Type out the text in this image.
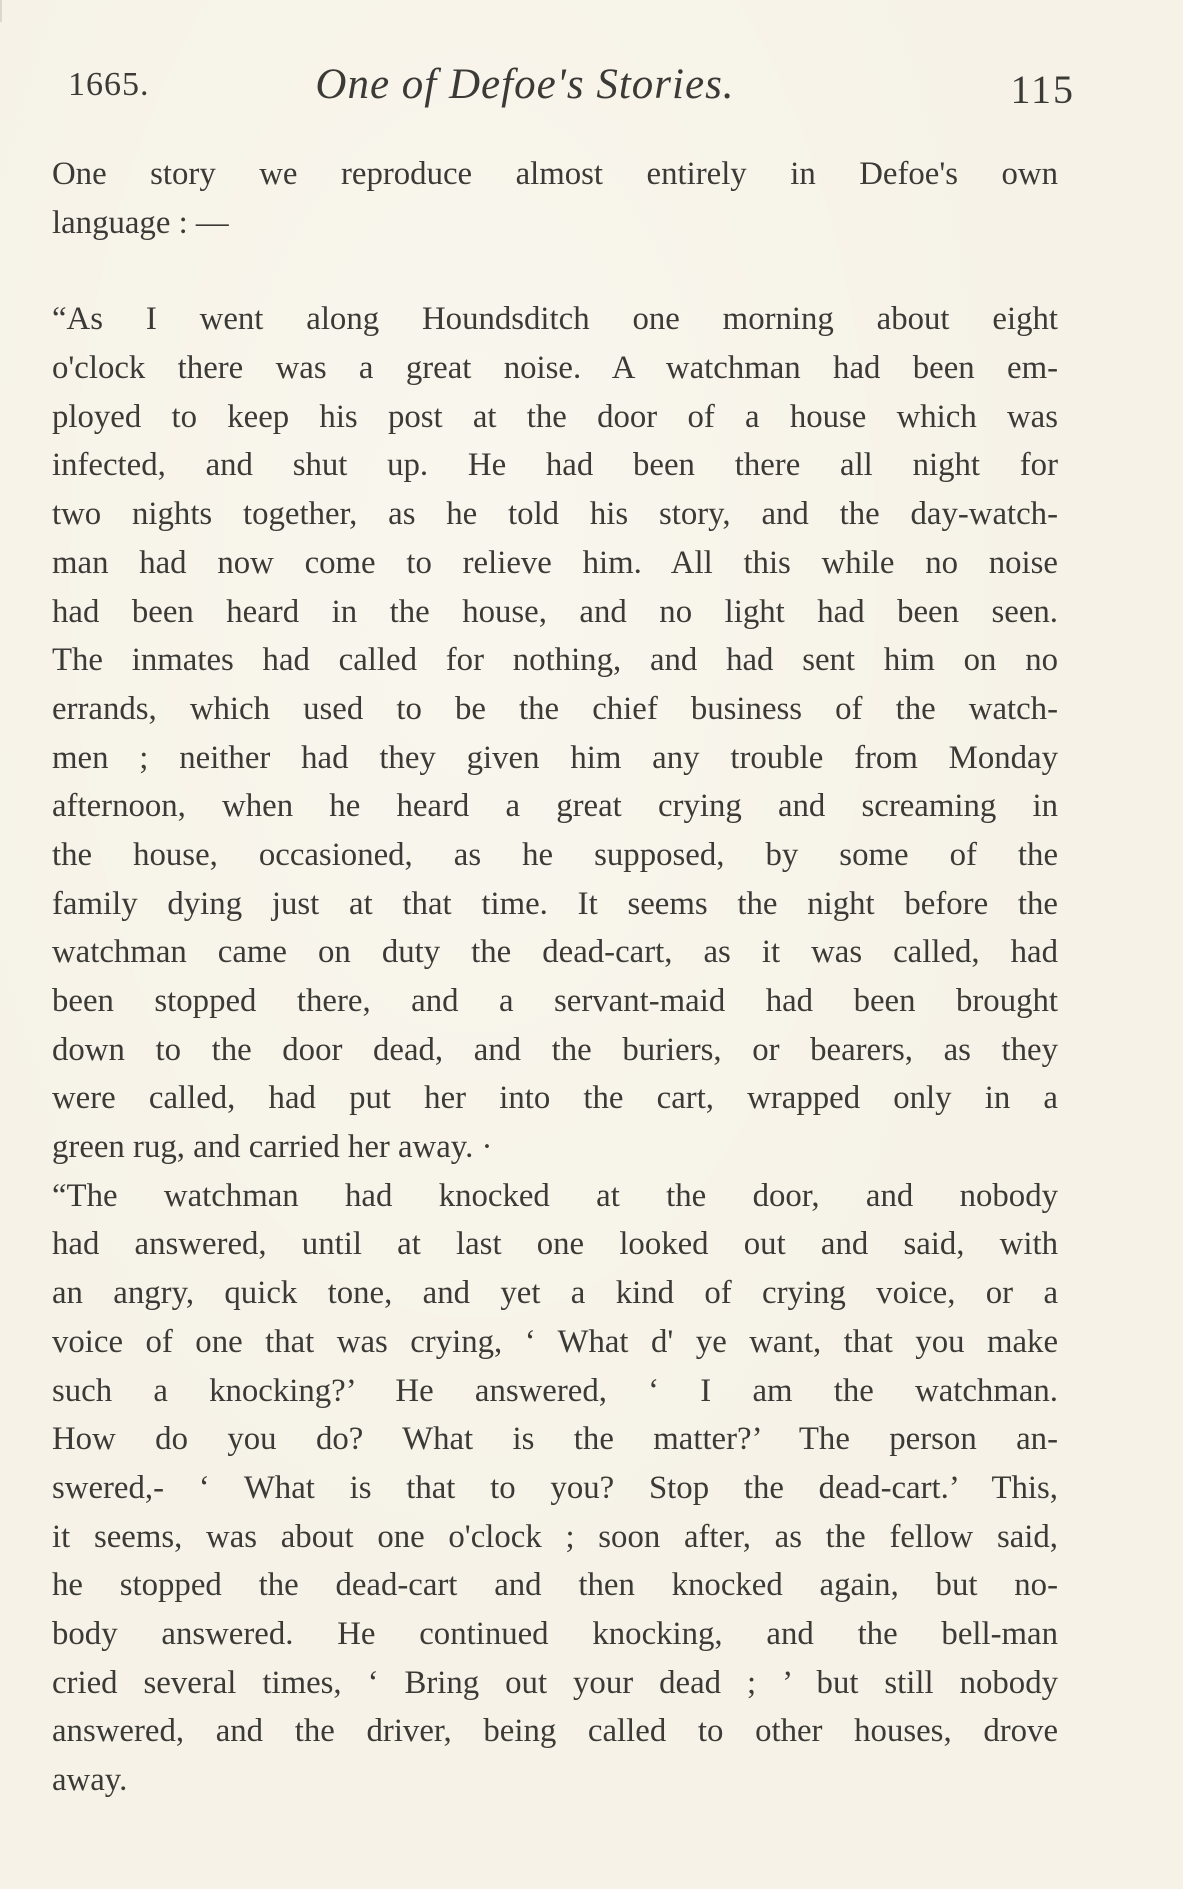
1665.	One of Defoe's Stories.	115
One story we reproduce almost entirely in Defoe's own
language : —
“As I went along Houndsditch one morning about eight
o'clock there was a great noise. A watchman had been em-
ployed to keep his post at the door of a house which was
infected, and shut up. He had been there all night for
two nights together, as he told his story, and the day-watch-
man had now come to relieve him. All this while no noise
had been heard in the house, and no light had been seen.
The inmates had called for nothing, and had sent him on no
errands, which used to be the chief business of the watch-
men ; neither had they given him any trouble from Monday
afternoon, when he heard a great crying and screaming in
the house, occasioned, as he supposed, by some of the
family dying just at that time. It seems the night before the
watchman came on duty the dead-cart, as it was called, had
been stopped there, and a servant-maid had been brought
down to the door dead, and the buriers, or bearers, as they
were called, had put her into the cart, wrapped only in a
green rug, and carried her away. ·
“The watchman had knocked at the door, and nobody
had answered, until at last one looked out and said, with
an angry, quick tone, and yet a kind of crying voice, or a
voice of one that was crying, ‘ What d' ye want, that you make
such a knocking?’ He answered, ‘ I am the watchman.
How do you do? What is the matter?’ The person an-
swered,- ‘ What is that to you? Stop the dead-cart.’ This,
it seems, was about one o'clock ; soon after, as the fellow said,
he stopped the dead-cart and then knocked again, but no-
body answered. He continued knocking, and the bell-man
cried several times, ‘ Bring out your dead ; ’ but still nobody
answered, and the driver, being called to other houses, drove
away.
